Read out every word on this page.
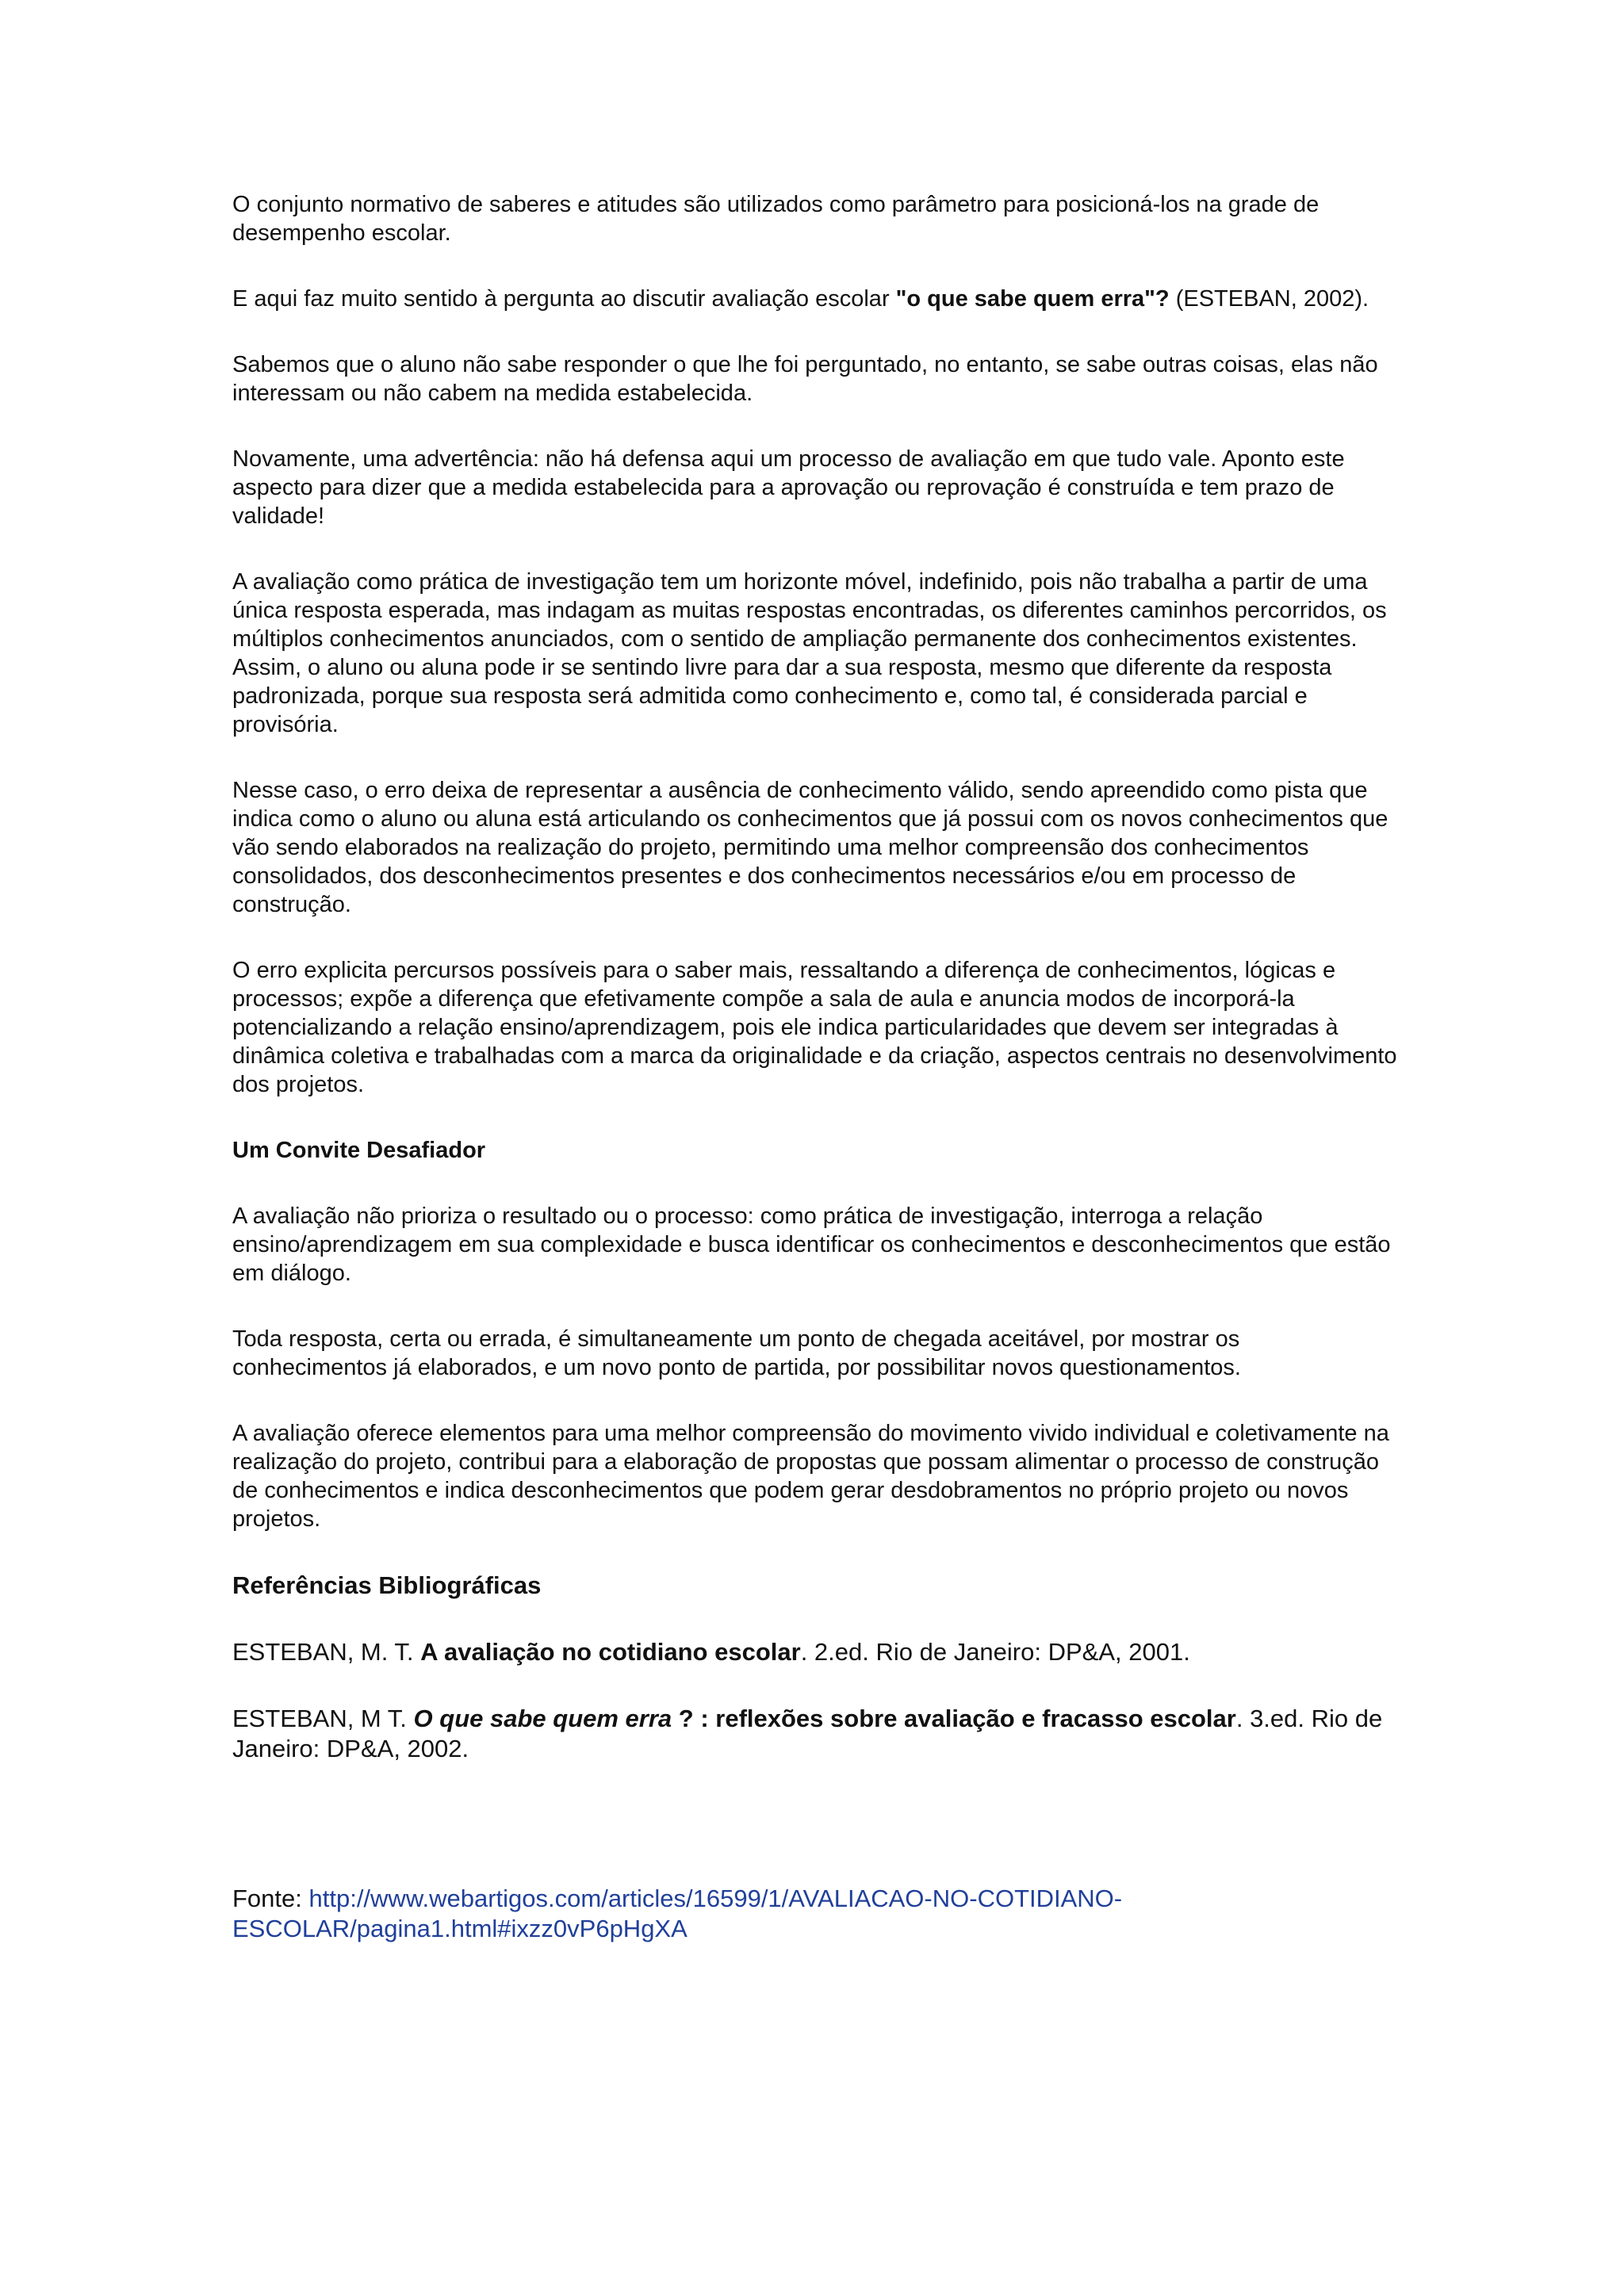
O conjunto normativo de saberes e atitudes são utilizados como parâmetro para posicioná-los na grade de desempenho escolar.

E aqui faz muito sentido à pergunta ao discutir avaliação escolar "o que sabe quem erra"? (ESTEBAN, 2002).

Sabemos que o aluno não sabe responder o que lhe foi perguntado, no entanto, se sabe outras coisas, elas não interessam ou não cabem na medida estabelecida.

Novamente, uma advertência: não há defensa aqui um processo de avaliação em que tudo vale. Aponto este aspecto para dizer que a medida estabelecida para a aprovação ou reprovação é construída e tem prazo de validade!

A avaliação como prática de investigação tem um horizonte móvel, indefinido, pois não trabalha a partir de uma única resposta esperada, mas indagam as muitas respostas encontradas, os diferentes caminhos percorridos, os múltiplos conhecimentos anunciados, com o sentido de ampliação permanente dos conhecimentos existentes. Assim, o aluno ou aluna pode ir se sentindo livre para dar a sua resposta, mesmo que diferente da resposta padronizada, porque sua resposta será admitida como conhecimento e, como tal, é considerada parcial e provisória.

Nesse caso, o erro deixa de representar a ausência de conhecimento válido, sendo apreendido como pista que indica como o aluno ou aluna está articulando os conhecimentos que já possui com os novos conhecimentos que vão sendo elaborados na realização do projeto, permitindo uma melhor compreensão dos conhecimentos consolidados, dos desconhecimentos presentes e dos conhecimentos necessários e/ou em processo de construção.

O erro explicita percursos possíveis para o saber mais, ressaltando a diferença de conhecimentos, lógicas e processos; expõe a diferença que efetivamente compõe a sala de aula e anuncia modos de incorporá-la potencializando a relação ensino/aprendizagem, pois ele indica particularidades que devem ser integradas à dinâmica coletiva e trabalhadas com a marca da originalidade e da criação, aspectos centrais no desenvolvimento dos projetos.

Um Convite Desafiador

A avaliação não prioriza o resultado ou o processo: como prática de investigação, interroga a relação ensino/aprendizagem em sua complexidade e busca identificar os conhecimentos e desconhecimentos que estão em diálogo.

Toda resposta, certa ou errada, é simultaneamente um ponto de chegada aceitável, por mostrar os conhecimentos já elaborados, e um novo ponto de partida, por possibilitar novos questionamentos.

A avaliação oferece elementos para uma melhor compreensão do movimento vivido individual e coletivamente na realização do projeto, contribui para a elaboração de propostas que possam alimentar o processo de construção de conhecimentos e indica desconhecimentos que podem gerar desdobramentos no próprio projeto ou novos projetos.

Referências Bibliográficas

ESTEBAN, M. T. A avaliação no cotidiano escolar. 2.ed. Rio de Janeiro: DP&A, 2001.

ESTEBAN, M T. O que sabe quem erra ? : reflexões sobre avaliação e fracasso escolar. 3.ed. Rio de Janeiro: DP&A, 2002.

Fonte: http://www.webartigos.com/articles/16599/1/AVALIACAO-NO-COTIDIANO-
ESCOLAR/pagina1.html#ixzz0vP6pHgXA
